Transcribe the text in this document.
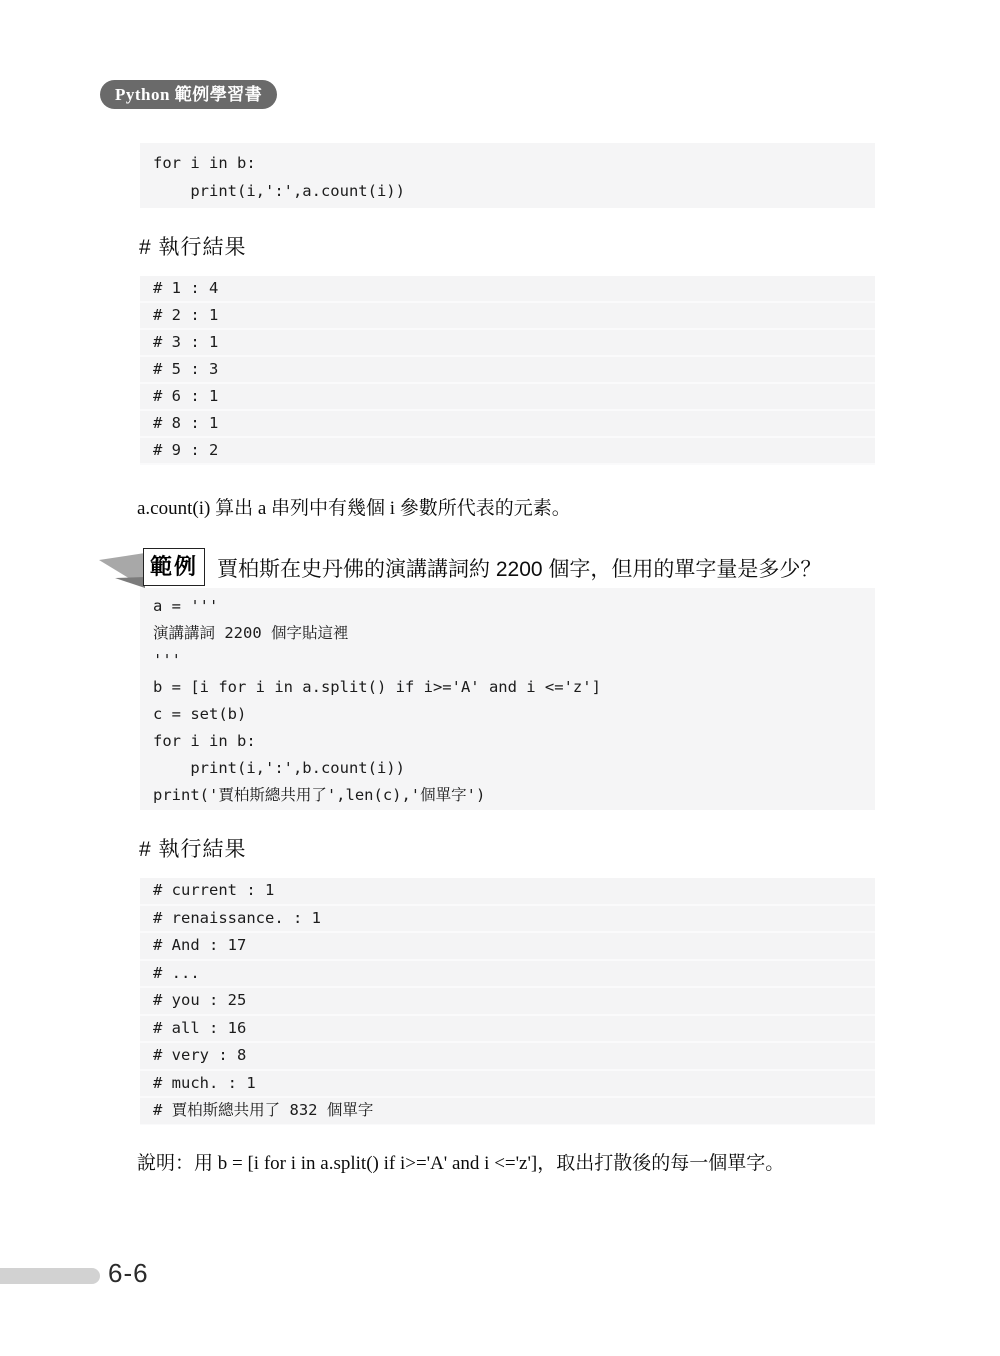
Python 範例學習書
for i in b:
print(i,':',a.count(i))
# 執行結果
# 1 : 4
# 2 : 1
# 3 : 1
# 5 : 3
# 6 : 1
# 8 : 1
# 9 : 2
a.count(i) 算出 a 串列中有幾個 i 參數所代表的元素。
範例 賈柏斯在史丹佛的演講講詞約 2200 個字，但用的單字量是多少？
a = '''
演講講詞 2200 個字貼這裡
'''
b = [i for i in a.split() if i>='A' and i <='z']
c = set(b)
for i in b:
print(i,':',b.count(i))
print('賈柏斯總共用了',len(c),'個單字')
# 執行結果
# current : 1
# renaissance. : 1
# And : 17
# ...
# you : 25
# all : 16
# very : 8
# much. : 1
# 賈柏斯總共用了 832 個單字
說明：用 b = [i for i in a.split() if i>='A' and i <='z']，取出打散後的每一個單字。
6-6
